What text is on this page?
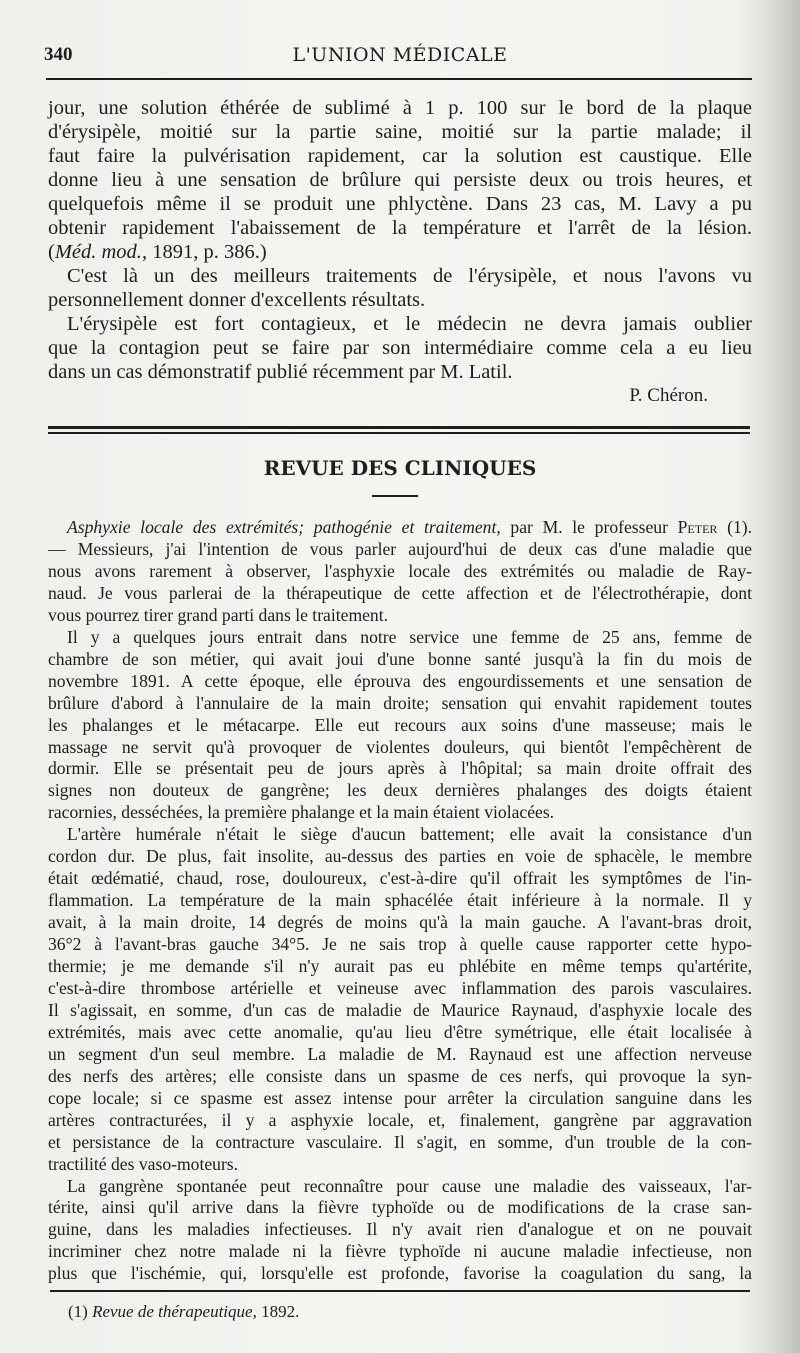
340	L'UNION MÉDICALE
jour, une solution éthérée de sublimé à 1 p. 100 sur le bord de la plaque
d'érysipèle, moitié sur la partie saine, moitié sur la partie malade; il
faut faire la pulvérisation rapidement, car la solution est caustique. Elle
donne lieu à une sensation de brûlure qui persiste deux ou trois heures, et
quelquefois même il se produit une phlyctène. Dans 23 cas, M. Lavy a pu
obtenir rapidement l'abaissement de la température et l'arrêt de la lésion.
(Méd. mod., 1891, p. 386.)
C'est là un des meilleurs traitements de l'érysipèle, et nous l'avons vu
personnellement donner d'excellents résultats.
L'érysipèle est fort contagieux, et le médecin ne devra jamais oublier
que la contagion peut se faire par son intermédiaire comme cela a eu lieu
dans un cas démonstratif publié récemment par M. Latil.
P. Chéron.
REVUE DES CLINIQUES
Asphyxie locale des extrémités; pathogénie et traitement, par M. le professeur Peter (1).
— Messieurs, j'ai l'intention de vous parler aujourd'hui de deux cas d'une maladie que
nous avons rarement à observer, l'asphyxie locale des extrémités ou maladie de Ray-
naud. Je vous parlerai de la thérapeutique de cette affection et de l'électrothérapie, dont
vous pourrez tirer grand parti dans le traitement.
Il y a quelques jours entrait dans notre service une femme de 25 ans, femme de
chambre de son métier, qui avait joui d'une bonne santé jusqu'à la fin du mois de
novembre 1891. A cette époque, elle éprouva des engourdissements et une sensation de
brûlure d'abord à l'annulaire de la main droite; sensation qui envahit rapidement toutes
les phalanges et le métacarpe. Elle eut recours aux soins d'une masseuse; mais le
massage ne servit qu'à provoquer de violentes douleurs, qui bientôt l'empêchèrent de
dormir. Elle se présentait peu de jours après à l'hôpital; sa main droite offrait des
signes non douteux de gangrène; les deux dernières phalanges des doigts étaient
racornies, desséchées, la première phalange et la main étaient violacées.
L'artère humérale n'était le siège d'aucun battement; elle avait la consistance d'un
cordon dur. De plus, fait insolite, au-dessus des parties en voie de sphacèle, le membre
était œdématié, chaud, rose, douloureux, c'est-à-dire qu'il offrait les symptômes de l'in-
flammation. La température de la main sphacélée était inférieure à la normale. Il y
avait, à la main droite, 14 degrés de moins qu'à la main gauche. A l'avant-bras droit,
36°2 à l'avant-bras gauche 34°5. Je ne sais trop à quelle cause rapporter cette hypo-
thermie; je me demande s'il n'y aurait pas eu phlébite en même temps qu'artérite,
c'est-à-dire thrombose artérielle et veineuse avec inflammation des parois vasculaires.
Il s'agissait, en somme, d'un cas de maladie de Maurice Raynaud, d'asphyxie locale des
extrémités, mais avec cette anomalie, qu'au lieu d'être symétrique, elle était localisée à
un segment d'un seul membre. La maladie de M. Raynaud est une affection nerveuse
des nerfs des artères; elle consiste dans un spasme de ces nerfs, qui provoque la syn-
cope locale; si ce spasme est assez intense pour arrêter la circulation sanguine dans les
artères contracturées, il y a asphyxie locale, et, finalement, gangrène par aggravation
et persistance de la contracture vasculaire. Il s'agit, en somme, d'un trouble de la con-
tractilité des vaso-moteurs.
La gangrène spontanée peut reconnaître pour cause une maladie des vaisseaux, l'ar-
térite, ainsi qu'il arrive dans la fièvre typhoïde ou de modifications de la crase san-
guine, dans les maladies infectieuses. Il n'y avait rien d'analogue et on ne pouvait
incriminer chez notre malade ni la fièvre typhoïde ni aucune maladie infectieuse, non
plus que l'ischémie, qui, lorsqu'elle est profonde, favorise la coagulation du sang, la
(1) Revue de thérapeutique, 1892.
